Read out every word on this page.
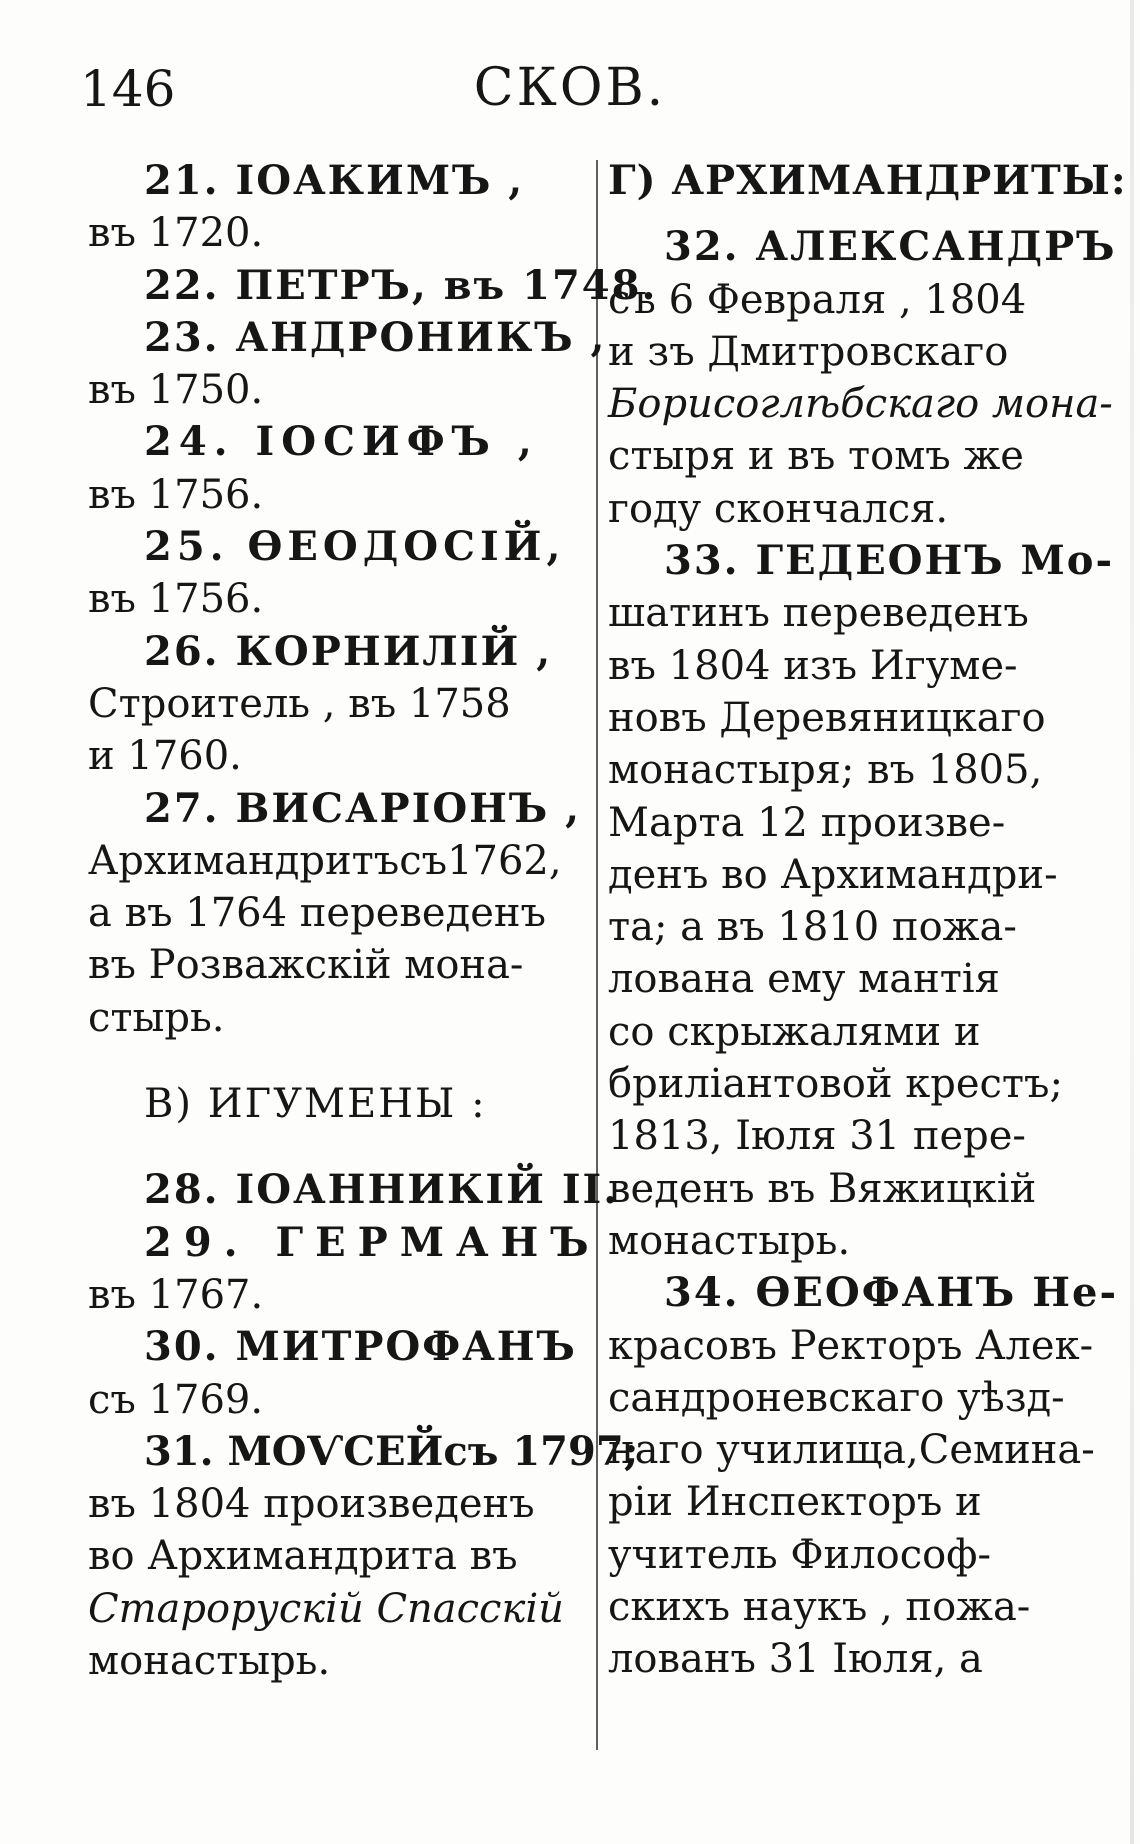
146	СКОВ.
21. ІОАКИМЪ ,
въ 1720.
22. ПЕТРЪ, въ 1748.
23. АНДРОНИКЪ ,
въ 1750.
24. ІОСИФЪ ,
въ 1756.
25. ѲЕОДОСІЙ,
въ 1756.
26. КОРНИЛІЙ ,
Строитель , въ 1758
и 1760.
27. ВИСАРІОНЪ ,
Архимандритъсъ1762,
а въ 1764 переведенъ
въ Розважскій мона-
стырь.
В) ИГУМЕНЫ :
28. ІОАННИКІЙ II.
29. ГЕРМАНЪ
въ 1767.
30. МИТРОФАНЪ
съ 1769.
31. МОѴСЕЙсъ 1797;
въ 1804 произведенъ
во Архимандрита въ
Старорускій Спасскій
монастырь.
Г) АРХИМАНДРИТЫ:
32. АЛЕКСАНДРЪ
съ 6 Февраля , 1804
и зъ Дмитровскаго
Борисоглѣбскаго мона-
стыря и въ томъ же
году скончался.
33. ГЕДЕОНЪ Мо-
шатинъ переведенъ
въ 1804 изъ Игуме-
новъ Деревяницкаго
монастыря; въ 1805,
Марта 12 произве-
денъ во Архимандри-
та; а въ 1810 пожа-
лована ему мантія
со скрыжалями и
бриліантовой крестъ;
1813, Іюля 31 пере-
веденъ въ Вяжицкій
монастырь.
34. ѲЕОФАНЪ Не-
красовъ Ректоръ Алек-
сандроневскаго уѣзд-
наго училища,Семина-
ріи Инспекторъ и
учитель Философ-
скихъ наукъ , пожа-
лованъ 31 Іюля, а
